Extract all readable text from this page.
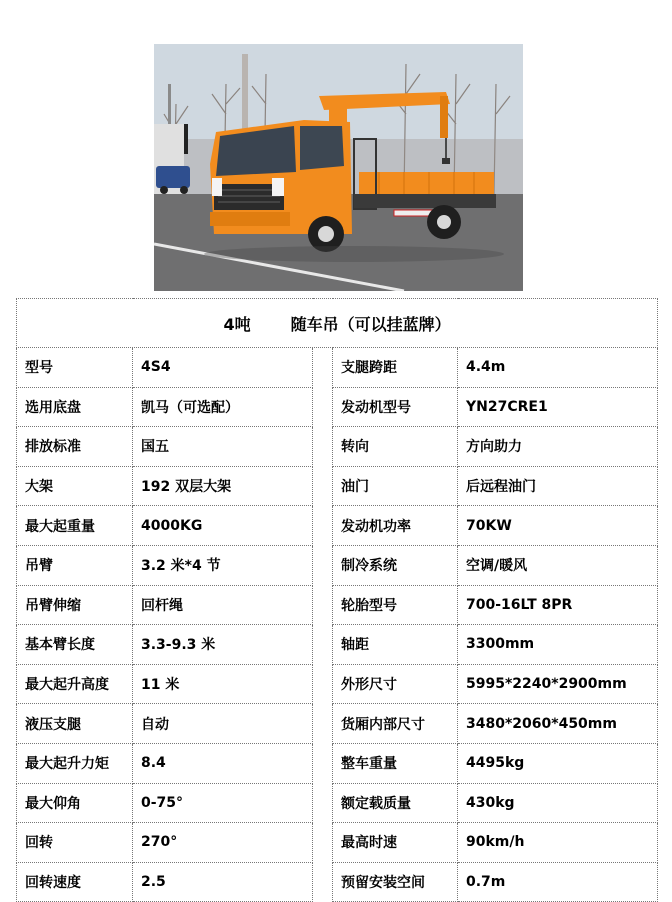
4吨 随车吊（可以挂蓝牌）				
型号	4S4		支腿跨距	4.4m
选用底盘	凯马（可选配）		发动机型号	YN27CRE1
排放标准	国五		转向	方向助力
大架	192 双层大架		油门	后远程油门
最大起重量	4000KG		发动机功率	70KW
吊臂	3.2 米*4 节		制冷系统	空调/暖风
吊臂伸缩	回杆绳		轮胎型号	700-16LT 8PR
基本臂长度	3.3-9.3 米		轴距	3300mm
最大起升高度	11 米		外形尺寸	5995*2240*2900mm
液压支腿	自动		货厢内部尺寸	3480*2060*450mm
最大起升力矩	8.4		整车重量	4495kg
最大仰角	0-75°		额定载质量	430kg
回转	270°		最高时速	90km/h
回转速度	2.5		预留安装空间	0.7m
